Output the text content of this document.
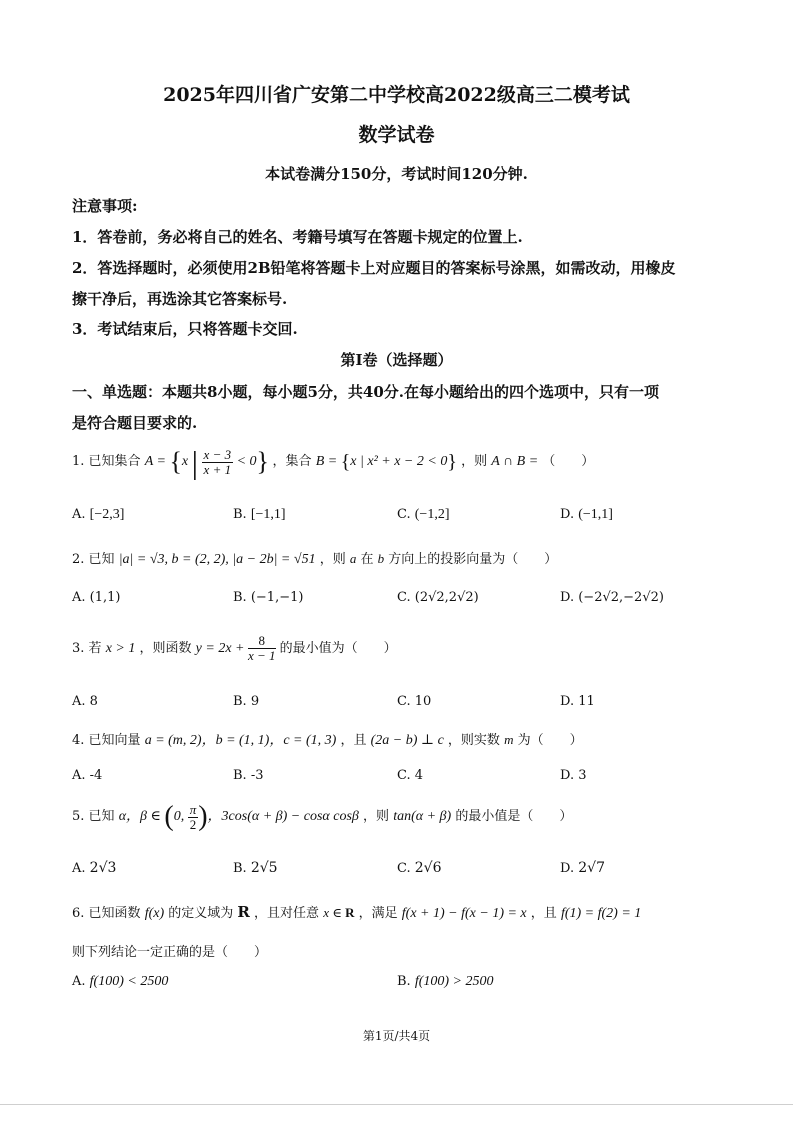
2025年四川省广安第二中学校高2022级高三二模考试
数学试卷
本试卷满分150分，考试时间120分钟.
注意事项:
1．答卷前，务必将自己的姓名、考籍号填写在答题卡规定的位置上.
2．答选择题时，必须使用2B铅笔将答题卡上对应题目的答案标号涂黑，如需改动，用橡皮
擦干净后，再选涂其它答案标号.
3．考试结束后，只将答题卡交回.
第I卷（选择题）
一、单选题：本题共8小题，每小题5分，共40分.在每小题给出的四个选项中，只有一项
是符合题目要求的.
1. 已知集合 A = {x | $\frac{x - 3}{x + 1} < 0$} ，集合 B = {x | x² + x − 2 < 0} ，则 A ∩ B = （　　）
A. [−2,3]	B. [−1,1]	C. (−1,2]	D. (−1,1]
2. 已知 |a| = √3, b = (2, 2), |a − 2b| = √51 ，则 a 在 b 方向上的投影向量为（　　）
A. (1,1)	B. (−1,−1)	C. (2√2,2√2)	D. (−2√2,−2√2)
3. 若 x > 1 ，则函数 $y = 2x + \frac{8}{x - 1}$ 的最小值为（　　）
A. 8	B. 9	C. 10	D. 11
4. 已知向量 a = (m, 2)，b = (1, 1)，c = (1, 3) ，且 (2a − b) ⊥ c ，则实数 m 为（　　）
A. -4	B. -3	C. 4	D. 3
5. 已知 α，β ∈ (0, $\frac{\pi}{2}$ )，3cos(α + β) − cosα cosβ ，则 tan(α + β) 的最小值是（　　）
A. 2√3	B. 2√5	C. 2√6	D. 2√7
6. 已知函数 f(x) 的定义域为 R ，且对任意 x ∈ R ，满足 f(x + 1) − f(x − 1) = x ，且 f(1) = f(2) = 1
则下列结论一定正确的是（　　）
A. f(100) < 2500	B. f(100) > 2500
第1页/共4页
